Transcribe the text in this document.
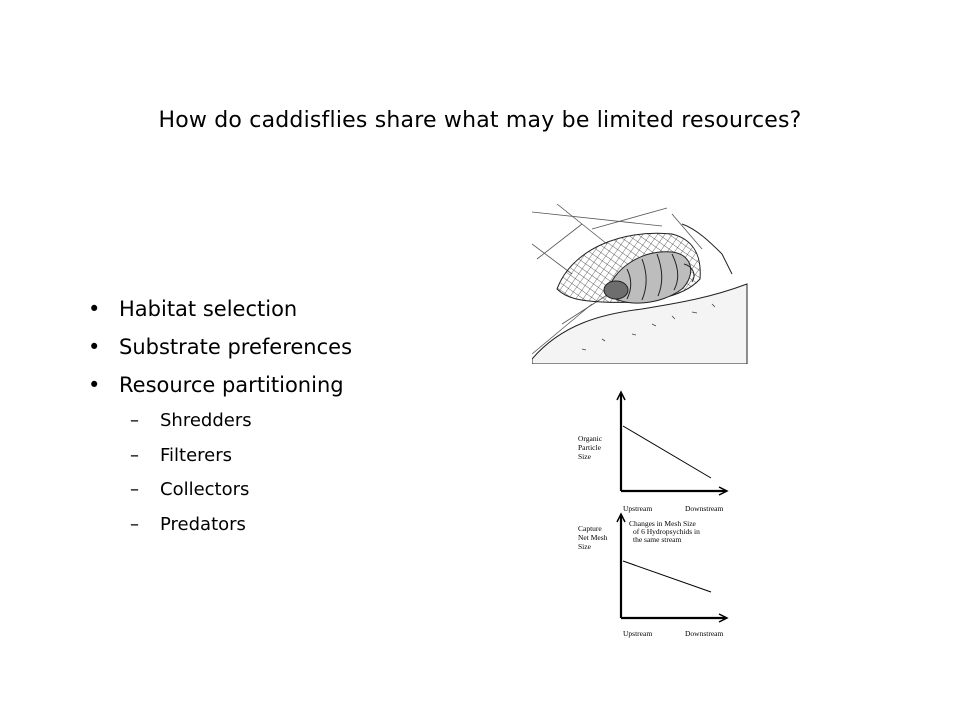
How do caddisflies share what may be limited resources?
• Habitat selection
• Substrate preferences
• Resource partitioning
– Shredders
– Filterers
– Collectors
– Predators
Organic Particle Size
Upstream	Downstream
Capture Net Mesh Size
Upstream	Downstream
Changes in Mesh Size of 6 Hydropsychids in the same stream
